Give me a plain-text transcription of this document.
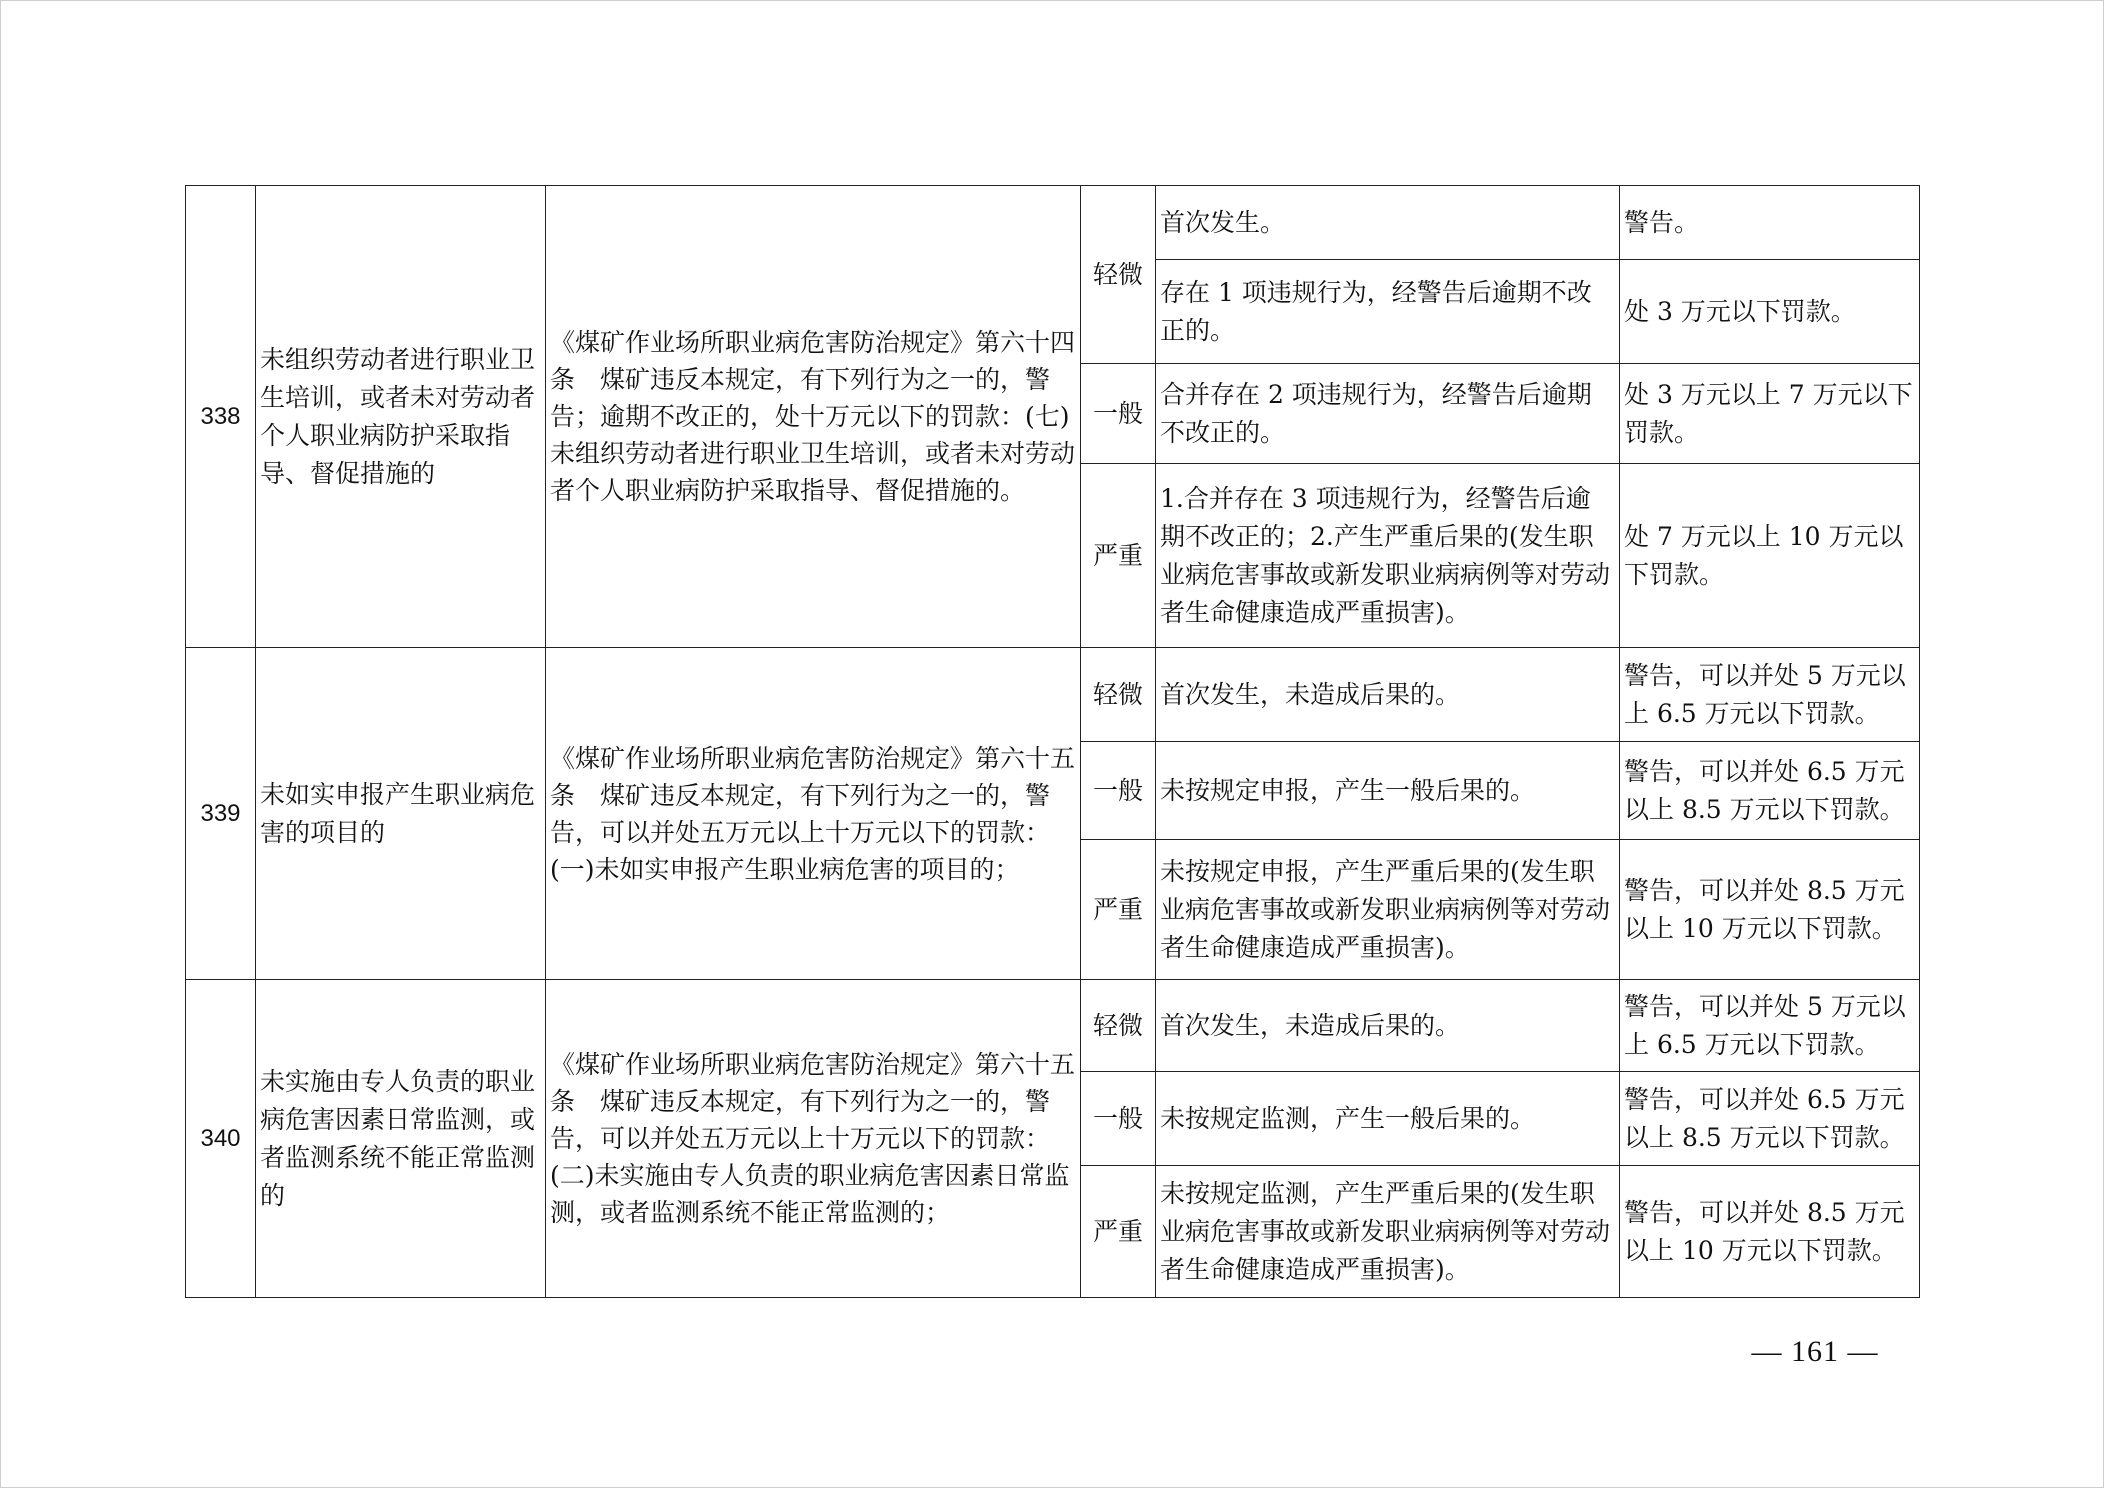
338	未组织劳动者进行职业卫生培训，或者未对劳动者个人职业病防护采取指导、督促措施的	《煤矿作业场所职业病危害防治规定》第六十四条　煤矿违反本规定，有下列行为之一的，警告；逾期不改正的，处十万元以下的罚款：(七)未组织劳动者进行职业卫生培训，或者未对劳动者个人职业病防护采取指导、督促措施的。	轻微	首次发生。	警告。
				存在 1 项违规行为，经警告后逾期不改正的。	处 3 万元以下罚款。
			一般	合并存在 2 项违规行为，经警告后逾期不改正的。	处 3 万元以上 7 万元以下罚款。
			严重	1.合并存在 3 项违规行为，经警告后逾期不改正的；2.产生严重后果的(发生职业病危害事故或新发职业病病例等对劳动者生命健康造成严重损害)。	处 7 万元以上 10 万元以下罚款。
339	未如实申报产生职业病危害的项目的	《煤矿作业场所职业病危害防治规定》第六十五条　煤矿违反本规定，有下列行为之一的，警告，可以并处五万元以上十万元以下的罚款：(一)未如实申报产生职业病危害的项目的；	轻微	首次发生，未造成后果的。	警告，可以并处 5 万元以上 6.5 万元以下罚款。
			一般	未按规定申报，产生一般后果的。	警告，可以并处 6.5 万元以上 8.5 万元以下罚款。
			严重	未按规定申报，产生严重后果的(发生职业病危害事故或新发职业病病例等对劳动者生命健康造成严重损害)。	警告，可以并处 8.5 万元以上 10 万元以下罚款。
340	未实施由专人负责的职业病危害因素日常监测，或者监测系统不能正常监测的	《煤矿作业场所职业病危害防治规定》第六十五条　煤矿违反本规定，有下列行为之一的，警告，可以并处五万元以上十万元以下的罚款：(二)未实施由专人负责的职业病危害因素日常监测，或者监测系统不能正常监测的；	轻微	首次发生，未造成后果的。	警告，可以并处 5 万元以上 6.5 万元以下罚款。
			一般	未按规定监测，产生一般后果的。	警告，可以并处 6.5 万元以上 8.5 万元以下罚款。
			严重	未按规定监测，产生严重后果的(发生职业病危害事故或新发职业病病例等对劳动者生命健康造成严重损害)。	警告，可以并处 8.5 万元以上 10 万元以下罚款。
— 161 —
